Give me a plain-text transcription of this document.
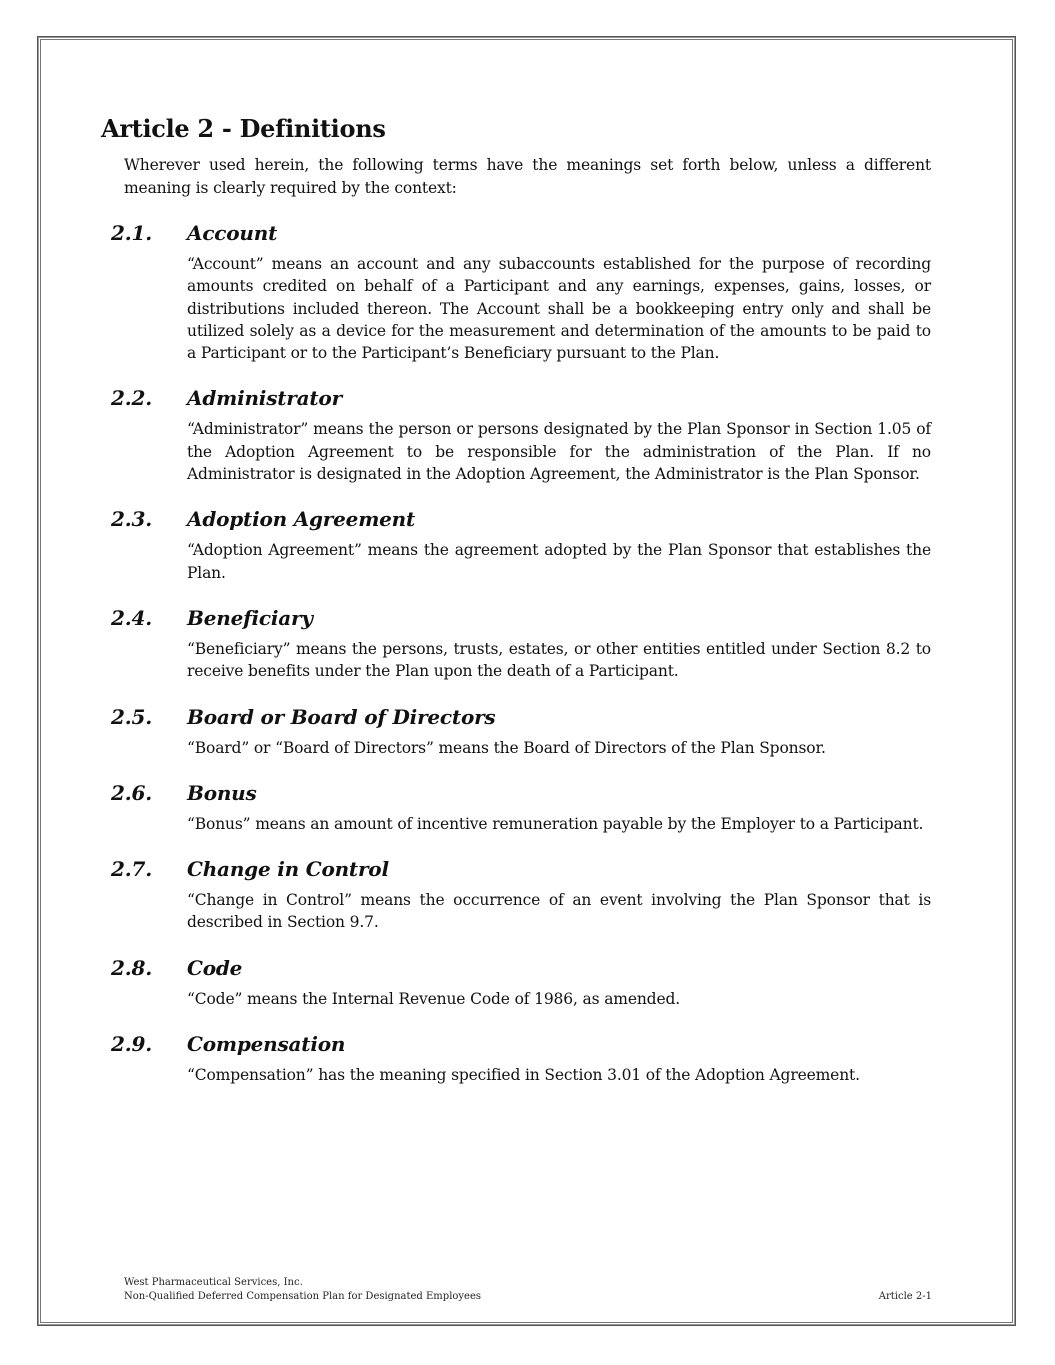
Article 2 - Definitions

Wherever used herein, the following terms have the meanings set forth below, unless a different meaning is clearly required by the context:

2.1.	Account

“Account” means an account and any subaccounts established for the purpose of recording amounts credited on behalf of a Participant and any earnings, expenses, gains, losses, or distributions included thereon. The Account shall be a bookkeeping entry only and shall be utilized solely as a device for the measurement and determination of the amounts to be paid to a Participant or to the Participant’s Beneficiary pursuant to the Plan.

2.2.	Administrator

“Administrator” means the person or persons designated by the Plan Sponsor in Section 1.05 of the Adoption Agreement to be responsible for the administration of the Plan. If no Administrator is designated in the Adoption Agreement, the Administrator is the Plan Sponsor.

2.3.	Adoption Agreement

“Adoption Agreement” means the agreement adopted by the Plan Sponsor that establishes the Plan.

2.4.	Beneficiary

“Beneficiary” means the persons, trusts, estates, or other entities entitled under Section 8.2 to receive benefits under the Plan upon the death of a Participant.

2.5.	Board or Board of Directors

“Board” or “Board of Directors” means the Board of Directors of the Plan Sponsor.

2.6.	Bonus

“Bonus” means an amount of incentive remuneration payable by the Employer to a Participant.

2.7.	Change in Control

“Change in Control” means the occurrence of an event involving the Plan Sponsor that is described in Section 9.7.

2.8.	Code

“Code” means the Internal Revenue Code of 1986, as amended.

2.9.	Compensation

“Compensation” has the meaning specified in Section 3.01 of the Adoption Agreement.

West Pharmaceutical Services, Inc.
Non-Qualified Deferred Compensation Plan for Designated Employees	Article 2-1
